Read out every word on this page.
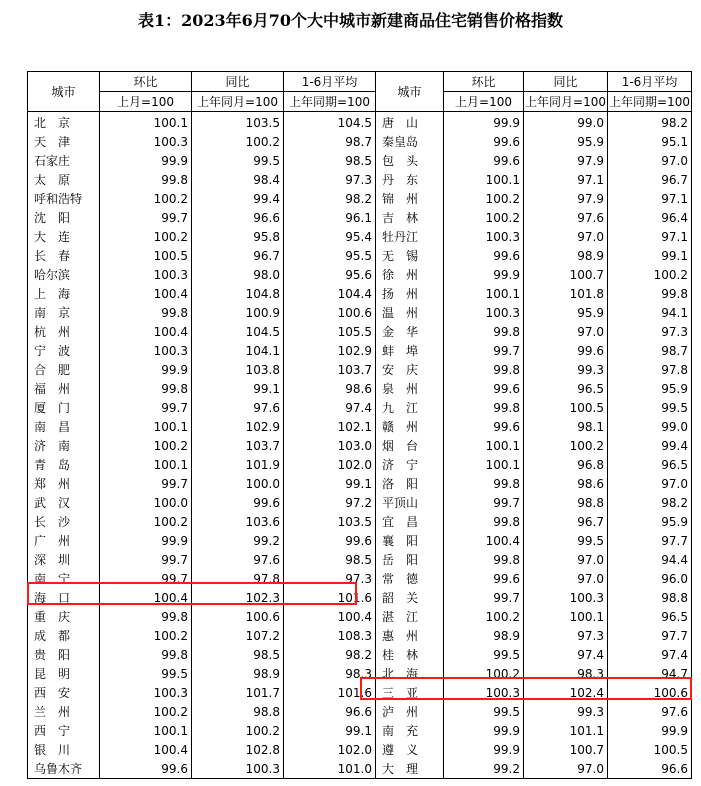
表1：2023年6月70个大中城市新建商品住宅销售价格指数
城市	环比	同比	1-6月平均	城市	环比	同比	1-6月平均
	上月=100	上年同月=100	上年同期=100		上月=100	上年同月=100	上年同期=100
北　京	100.1	103.5	104.5	唐　山	99.9	99.0	98.2
天　津	100.3	100.2	98.7	秦皇岛	99.6	95.9	95.1
石家庄	99.9	99.5	98.5	包　头	99.6	97.9	97.0
太　原	99.8	98.4	97.3	丹　东	100.1	97.1	96.7
呼和浩特	100.2	99.4	98.2	锦　州	100.2	97.9	97.1
沈　阳	99.7	96.6	96.1	吉　林	100.2	97.6	96.4
大　连	100.2	95.8	95.4	牡丹江	100.3	97.0	97.1
长　春	100.5	96.7	95.5	无　锡	99.6	98.9	99.1
哈尔滨	100.3	98.0	95.6	徐　州	99.9	100.7	100.2
上　海	100.4	104.8	104.4	扬　州	100.1	101.8	99.8
南　京	99.8	100.9	100.6	温　州	100.3	95.9	94.1
杭　州	100.4	104.5	105.5	金　华	99.8	97.0	97.3
宁　波	100.3	104.1	102.9	蚌　埠	99.7	99.6	98.7
合　肥	99.9	103.8	103.7	安　庆	99.8	99.3	97.8
福　州	99.8	99.1	98.6	泉　州	99.6	96.5	95.9
厦　门	99.7	97.6	97.4	九　江	99.8	100.5	99.5
南　昌	100.1	102.9	102.1	赣　州	99.6	98.1	99.0
济　南	100.2	103.7	103.0	烟　台	100.1	100.2	99.4
青　岛	100.1	101.9	102.0	济　宁	100.1	96.8	96.5
郑　州	99.7	100.0	99.1	洛　阳	99.8	98.6	97.0
武　汉	100.0	99.6	97.2	平顶山	99.7	98.8	98.2
长　沙	100.2	103.6	103.5	宜　昌	99.8	96.7	95.9
广　州	99.9	99.2	99.6	襄　阳	100.4	99.5	97.7
深　圳	99.7	97.6	98.5	岳　阳	99.8	97.0	94.4
南　宁	99.7	97.8	97.3	常　德	99.6	97.0	96.0
海　口	100.4	102.3	101.6	韶　关	99.7	100.3	98.8
重　庆	99.8	100.6	100.4	湛　江	100.2	100.1	96.5
成　都	100.2	107.2	108.3	惠　州	98.9	97.3	97.7
贵　阳	99.8	98.5	98.2	桂　林	99.5	97.4	97.4
昆　明	99.5	98.9	98.3	北　海	100.2	98.3	94.7
西　安	100.3	101.7	101.6	三　亚	100.3	102.4	100.6
兰　州	100.2	98.8	96.6	泸　州	99.5	99.3	97.6
西　宁	100.1	100.2	99.1	南　充	99.9	101.1	99.9
银　川	100.4	102.8	102.0	遵　义	99.9	100.7	100.5
乌鲁木齐	99.6	100.3	101.0	大　理	99.2	97.0	96.6
